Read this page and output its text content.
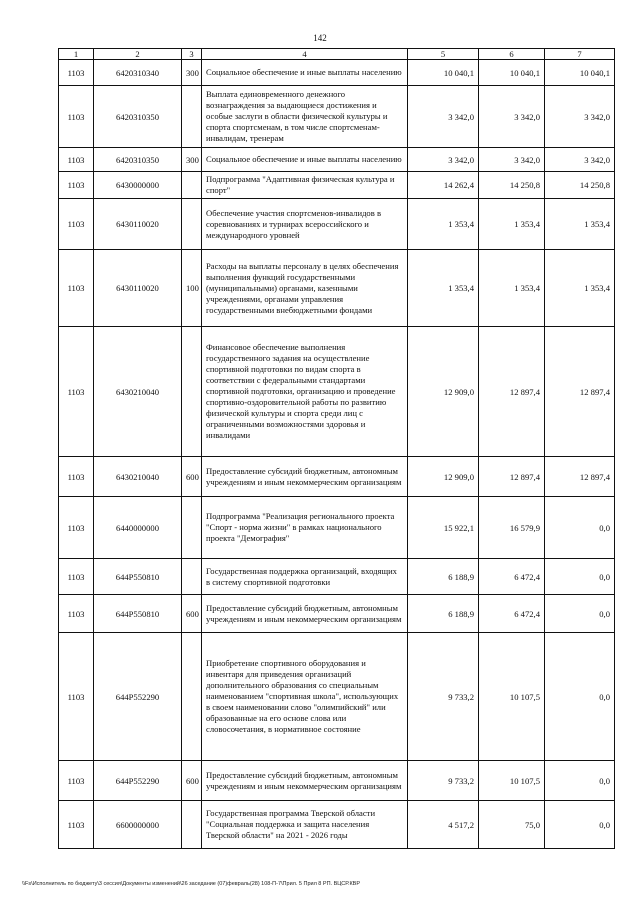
142
1	2	3	4	5	6	7
1103	6420310340	300	Социальное обеспечение и иные выплаты населению	10 040,1	10 040,1	10 040,1
1103	6420310350		Выплата единовременного денежного вознаграждения за выдающиеся достижения и особые заслуги в области физической культуры и спорта спортсменам, в том числе спортсменам-инвалидам, тренерам	3 342,0	3 342,0	3 342,0
1103	6420310350	300	Социальное обеспечение и иные выплаты населению	3 342,0	3 342,0	3 342,0
1103	6430000000		Подпрограмма "Адаптивная физическая культура и спорт"	14 262,4	14 250,8	14 250,8
1103	6430110020		Обеспечение участия спортсменов-инвалидов в соревнованиях и турнирах всероссийского и международного уровней	1 353,4	1 353,4	1 353,4
1103	6430110020	100	Расходы на выплаты персоналу в целях обеспечения выполнения функций государственными (муниципальными) органами, казенными учреждениями, органами управления государственными внебюджетными фондами	1 353,4	1 353,4	1 353,4
1103	6430210040		Финансовое обеспечение выполнения государственного задания на осуществление спортивной подготовки по видам спорта в соответствии с федеральными стандартами спортивной подготовки, организацию и проведение спортивно-оздоровительной работы по развитию физической культуры и спорта среди лиц с ограниченными возможностями здоровья и инвалидами	12 909,0	12 897,4	12 897,4
1103	6430210040	600	Предоставление субсидий бюджетным, автономным учреждениям и иным некоммерческим организациям	12 909,0	12 897,4	12 897,4
1103	6440000000		Подпрограмма "Реализация регионального проекта "Спорт - норма жизни" в рамках национального проекта "Демография"	15 922,1	16 579,9	0,0
1103	644P550810		Государственная поддержка организаций, входящих в систему спортивной подготовки	6 188,9	6 472,4	0,0
1103	644P550810	600	Предоставление субсидий бюджетным, автономным учреждениям и иным некоммерческим организациям	6 188,9	6 472,4	0,0
1103	644P552290		Приобретение спортивного оборудования и инвентаря для приведения организаций дополнительного образования со специальным наименованием "спортивная школа", использующих в своем наименовании слово "олимпийский" или образованные на его основе слова или словосочетания, в нормативное состояние	9 733,2	10 107,5	0,0
1103	644P552290	600	Предоставление субсидий бюджетным, автономным учреждениям и иным некоммерческим организациям	9 733,2	10 107,5	0,0
1103	6600000000		Государственная программа Тверской области "Социальная поддержка и защита населения Тверской области" на 2021 - 2026 годы	4 517,2	75,0	0,0
\\Fs\Исполнитель по бюджету\3 сессия\Документы изменений\26 заседание (07)февраль(28) 108-П-7\Прил. 5 Прил 8 РП. ВЦСР.КВР
